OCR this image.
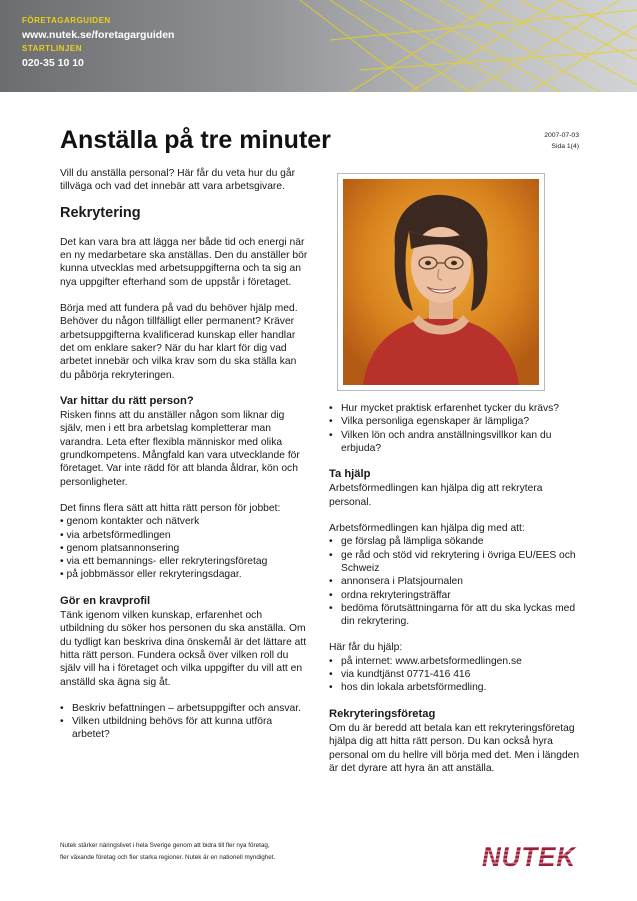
FÖRETAGARGUIDEN
www.nutek.se/foretagarguiden
STARTLINJEN
020-35 10 10
Anställa på tre minuter	2007-07-03
Sida 1(4)

Vill du anställa personal? Här får du veta hur du går tillväga och vad det innebär att vara arbetsgivare.

Rekrytering

Det kan vara bra att lägga ner både tid och energi när en ny medarbetare ska anställas. Den du anställer bör kunna utvecklas med arbetsuppgifterna och ta sig an nya uppgifter efterhand som de uppstår i företaget.

Börja med att fundera på vad du behöver hjälp med. Behöver du någon tillfälligt eller permanent? Kräver arbetsuppgifterna kvalificerad kunskap eller handlar det om enklare saker? När du har klart för dig vad arbetet innebär och vilka krav som du ska ställa kan du påbörja rekryteringen.

Var hittar du rätt person?

Risken finns att du anställer någon som liknar dig själv, men i ett bra arbetslag kompletterar man varandra. Leta efter flexibla människor med olika grundkompetens. Mångfald kan vara utvecklande för företaget. Var inte rädd för att blanda åldrar, kön och personligheter.

Det finns flera sätt att hitta rätt person för jobbet:
• genom kontakter och nätverk
• via arbetsförmedlingen
• genom platsannonsering
• via ett bemannings- eller rekryteringsföretag
• på jobbmässor eller rekryteringsdagar.
Gör en kravprofil

Tänk igenom vilken kunskap, erfarenhet och utbildning du söker hos personen du ska anställa. Om du tydligt kan beskriva dina önskemål är det lättare att hitta rätt person. Fundera också över vilken roll du själv vill ha i företaget och vilka uppgifter du vill att en anställd ska ägna sig åt.

• Beskriv befattningen – arbetsuppgifter och ansvar.
• Vilken utbildning behövs för att kunna utföra arbetet?
• Hur mycket praktisk erfarenhet tycker du krävs?
• Vilka personliga egenskaper är lämpliga?
• Vilken lön och andra anställningsvillkor kan du erbjuda?
Ta hjälp

Arbetsförmedlingen kan hjälpa dig att rekrytera personal.

Arbetsförmedlingen kan hjälpa dig med att:
• ge förslag på lämpliga sökande
• ge råd och stöd vid rekrytering i övriga EU/EES och Schweiz
• annonsera i Platsjournalen
• ordna rekryteringsträffar
• bedöma förutsättningarna för att du ska lyckas med din rekrytering.
Här får du hjälp:
• på internet: www.arbetsformedlingen.se
• via kundtjänst 0771-416 416
• hos din lokala arbetsförmedling.
Rekryteringsföretag

Om du är beredd att betala kan ett rekryteringsföretag hjälpa dig att hitta rätt person. Du kan också hyra personal om du hellre vill börja med det. Men i längden är det dyrare att hyra än att anställa.

Nutek stärker näringslivet i hela Sverige genom att bidra till fler nya företag,
fler växande företag och fler starka regioner. Nutek är en nationell myndighet.	NUTEK
